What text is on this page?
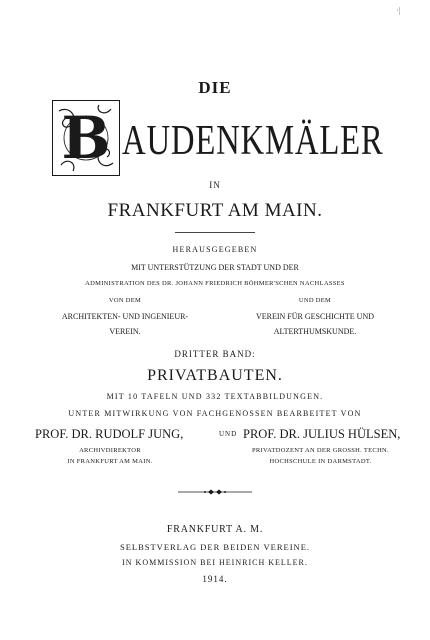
·|
DIE
B AUDENKMÄLER
IN
FRANKFURT AM MAIN.
HERAUSGEGEBEN
MIT UNTERSTÜTZUNG DER STADT UND DER
ADMINISTRATION DES DR. JOHANN FRIEDRICH BÖHMER'SCHEN NACHLASSES
VON DEM
ARCHITEKTEN- UND INGENIEUR-
VEREIN.
UND DEM
VEREIN FÜR GESCHICHTE UND
ALTERTHUMSKUNDE.
DRITTER BAND:
PRIVATBAUTEN.
MIT 10 TAFELN UND 332 TEXTABBILDUNGEN.
UNTER MITWIRKUNG VON FACHGENOSSEN BEARBEITET VON
PROF. DR. RUDOLF JUNG,	UND PROF. DR. JULIUS HÜLSEN,
ARCHIVDIREKTOR
IN FRANKFURT AM MAIN.
PRIVATDOZENT AN DER GROSSH. TECHN.
HOCHSCHULE IN DARMSTADT.
FRANKFURT A. M.
SELBSTVERLAG DER BEIDEN VEREINE.
IN KOMMISSION BEI HEINRICH KELLER.
1914.
